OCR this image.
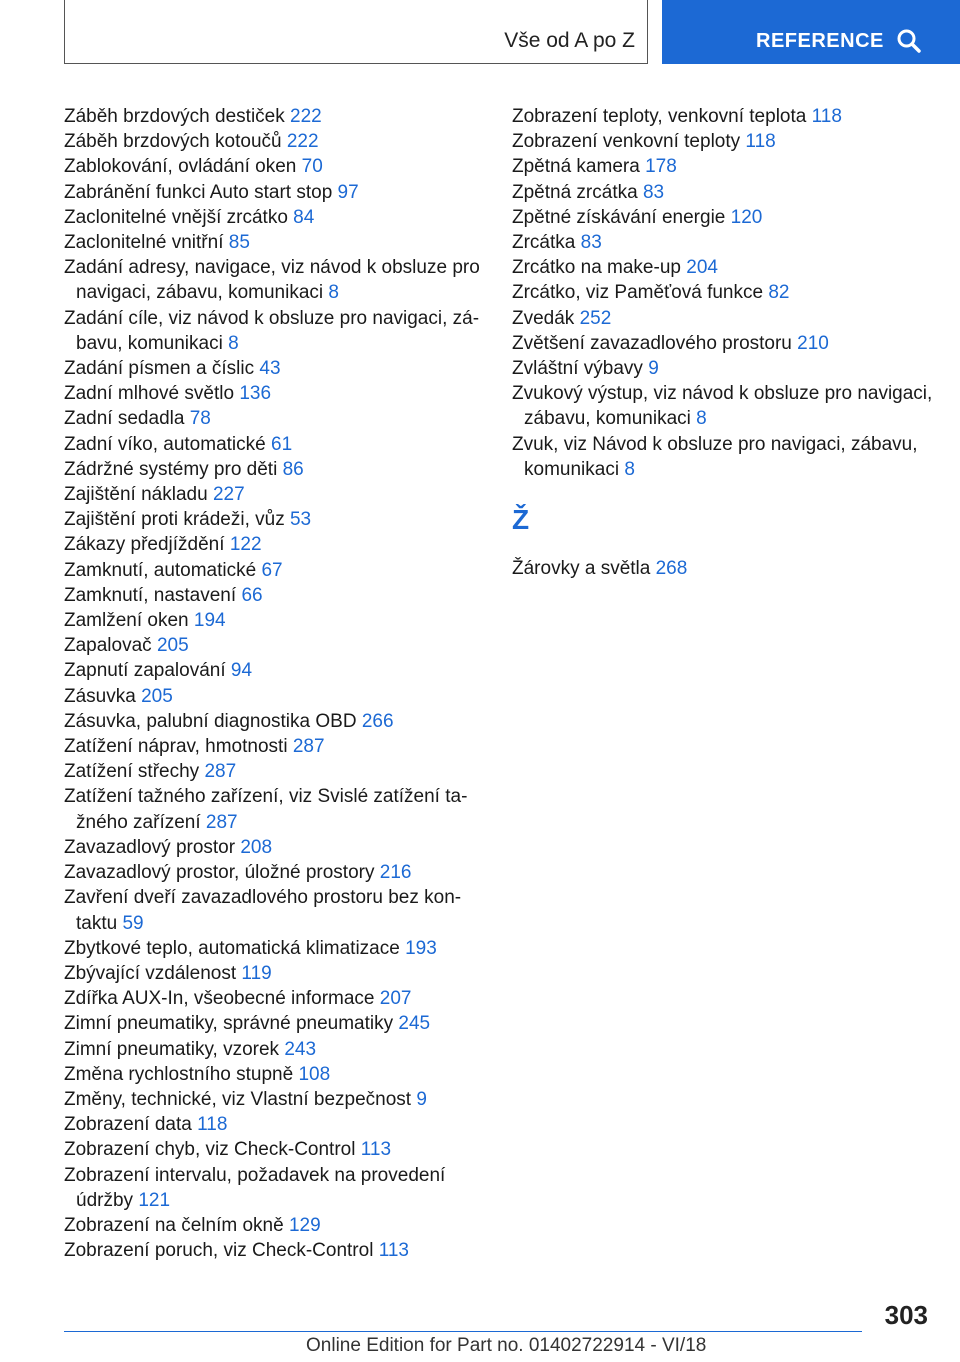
Vše od A po Z	REFERENCE

Záběh brzdových destiček 222

Záběh brzdových kotoučů 222

Zablokování, ovládání oken 70

Zabránění funkci Auto start stop 97

Zaclonitelné vnější zrcátko 84

Zaclonitelné vnitřní 85

Zadání adresy, navigace, viz návod k obsluze pro navigaci, zábavu, komunikaci 8

Zadání cíle, viz návod k obsluze pro navigaci, zábavu, komunikaci 8

Zadání písmen a číslic 43

Zadní mlhové světlo 136

Zadní sedadla 78

Zadní víko, automatické 61

Zádržné systémy pro děti 86

Zajištění nákladu 227

Zajištění proti krádeži, vůz 53

Zákazy předjíždění 122

Zamknutí, automatické 67

Zamknutí, nastavení 66

Zamlžení oken 194

Zapalovač 205

Zapnutí zapalování 94

Zásuvka 205

Zásuvka, palubní diagnostika OBD 266

Zatížení náprav, hmotnosti 287

Zatížení střechy 287

Zatížení tažného zařízení, viz Svislé zatížení tažného zařízení 287

Zavazadlový prostor 208

Zavazadlový prostor, úložné prostory 216

Zavření dveří zavazadlového prostoru bez kontaktu 59

Zbytkové teplo, automatická klimatizace 193

Zbývající vzdálenost 119

Zdířka AUX-In, všeobecné informace 207

Zimní pneumatiky, správné pneumatiky 245

Zimní pneumatiky, vzorek 243

Změna rychlostního stupně 108

Změny, technické, viz Vlastní bezpečnost 9

Zobrazení data 118

Zobrazení chyb, viz Check-Control 113

Zobrazení intervalu, požadavek na provedení údržby 121

Zobrazení na čelním okně 129

Zobrazení poruch, viz Check-Control 113

Zobrazení teploty, venkovní teplota 118

Zobrazení venkovní teploty 118

Zpětná kamera 178

Zpětná zrcátka 83

Zpětné získávání energie 120

Zrcátka 83

Zrcátko na make-up 204

Zrcátko, viz Paměťová funkce 82

Zvedák 252

Zvětšení zavazadlového prostoru 210

Zvláštní výbavy 9

Zvukový výstup, viz návod k obsluze pro navigaci, zábavu, komunikaci 8

Zvuk, viz Návod k obsluze pro navigaci, zábavu, komunikaci 8

Ž

Žárovky a světla 268

303
Online Edition for Part no. 01402722914 - VI/18
